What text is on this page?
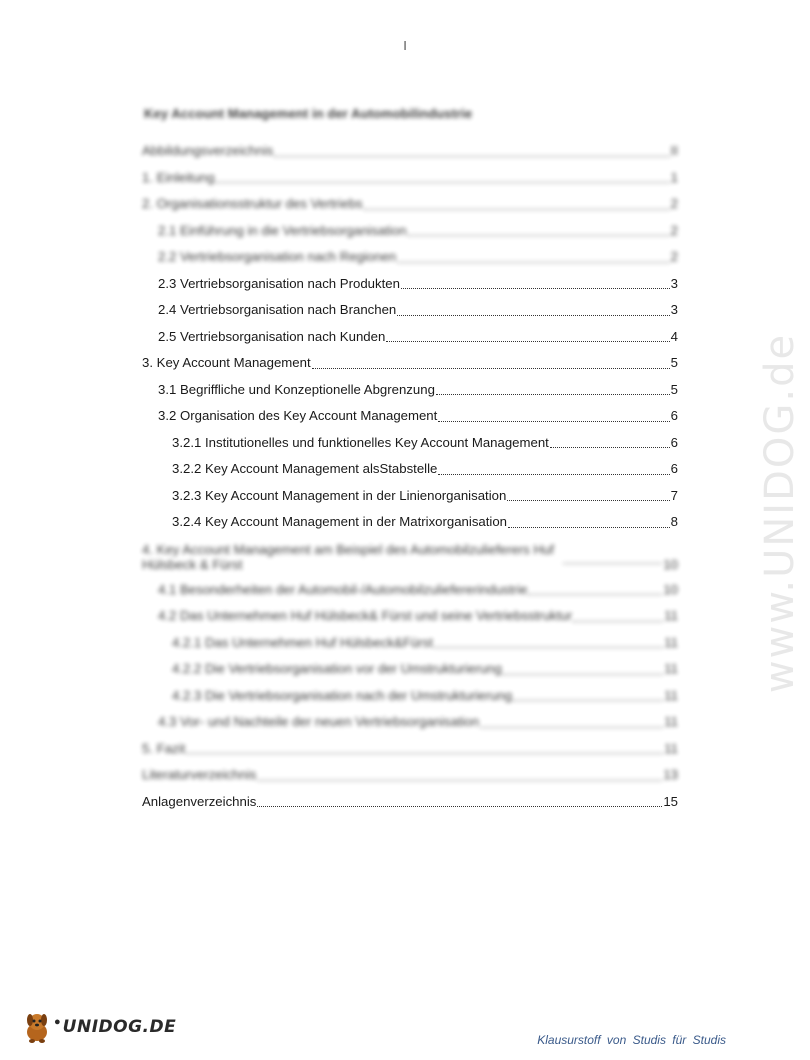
I
Key Account Management in der Automobilindustrie
Abbildungsverzeichnis	II
1. Einleitung	1
2. Organisationsstruktur des Vertriebs	2
2.1 Einführung in die Vertriebsorganisation	2
2.2 Vertriebsorganisation nach Regionen	2
2.3 Vertriebsorganisation nach Produkten	3
2.4 Vertriebsorganisation nach Branchen	3
2.5 Vertriebsorganisation nach Kunden	4
3. Key Account Management	5
3.1 Begriffliche und Konzeptionelle Abgrenzung	5
3.2 Organisation des Key Account Management	6
3.2.1 Institutionelles und funktionelles Key Account Management	6
3.2.2 Key Account Management alsStabstelle	6
3.2.3 Key Account Management in der Linienorganisation	7
3.2.4 Key Account Management in der Matrixorganisation	8
4. Key Account Management am Beispiel des Automobilzulieferers Huf Hülsbeck & Fürst	10
4.1 Besonderheiten der Automobil-/Automobilzuliefererindustrie	10
4.2 Das Unternehmen Huf Hülsbeck& Fürst und seine Vertriebsstruktur	11
4.2.1 Das Unternehmen Huf Hülsbeck&Fürst	11
4.2.2 Die Vertriebsorganisation vor der Umstrukturierung	11
4.2.3 Die Vertriebsorganisation nach der Umstrukturierung	11
4.3 Vor- und Nachteile der neuen Vertriebsorganisation	11
5. Fazit	11
Literaturverzeichnis	13
Anlagenverzeichnis	15
www.UNIDOG.de
● UNIDOG.DE
Klausurstoff von Studis für Studis
